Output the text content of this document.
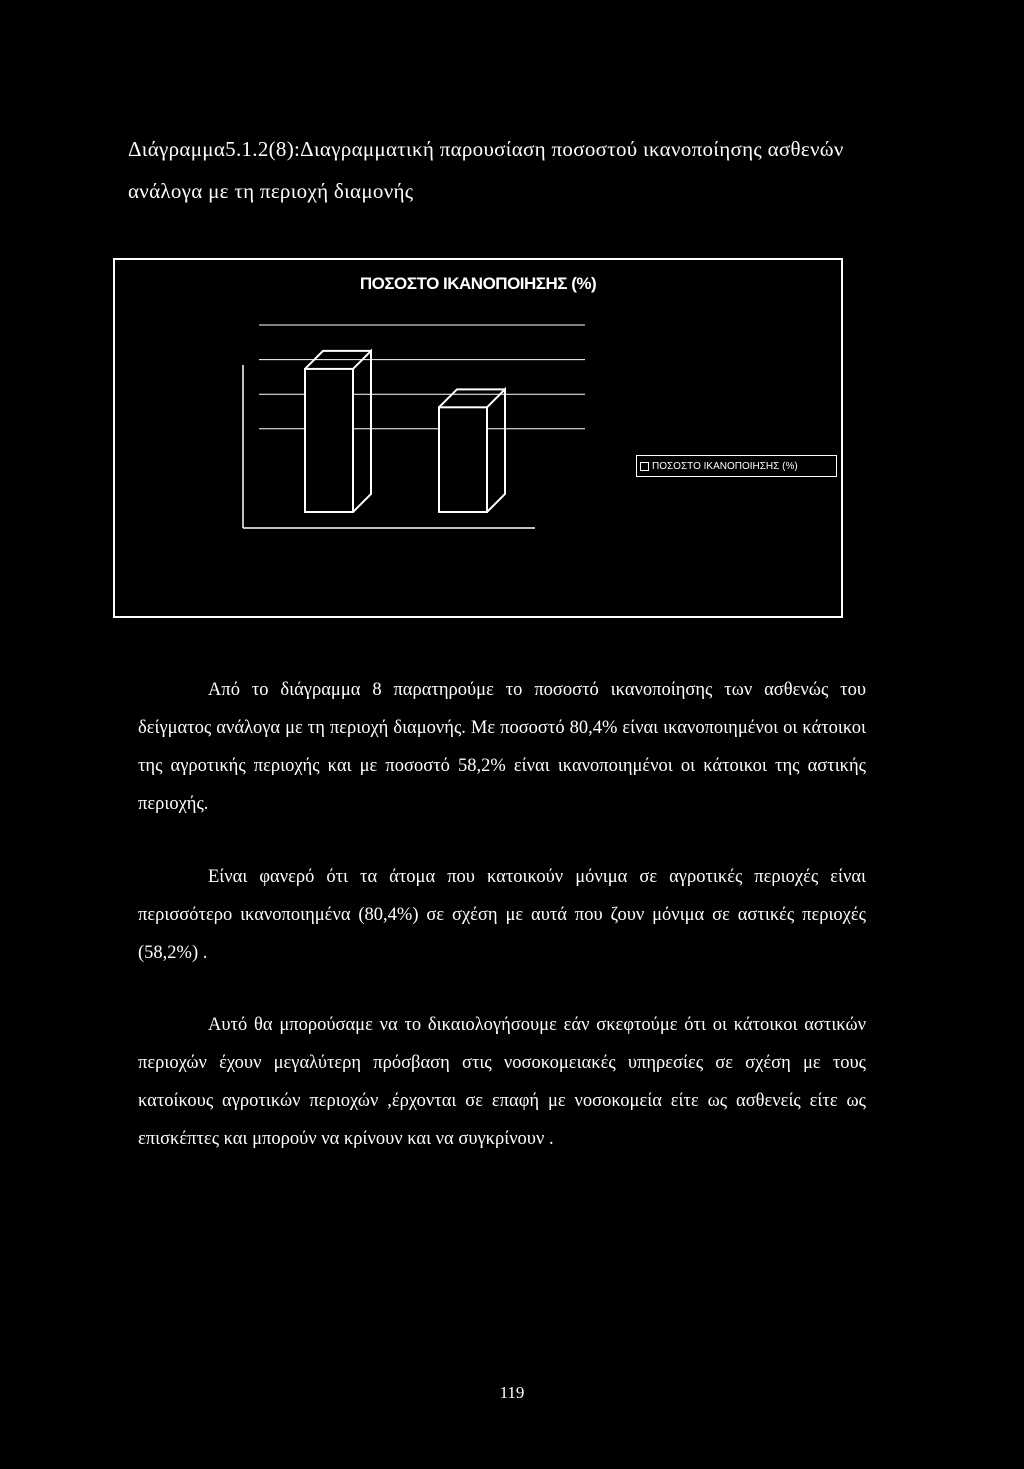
Διάγραμμα5.1.2(8):Διαγραμματική παρουσίαση ποσοστού ικανοποίησης ασθενών ανάλογα με τη περιοχή διαμονής

ΠΟΣΟΣΤΟ ΙΚΑΝΟΠΟΙΗΣΗΣ (%)

ΠΟΣΟΣΤΟ ΙΚΑΝΟΠΟΙΗΣΗΣ (%)

Από το διάγραμμα 8 παρατηρούμε το ποσοστό ικανοποίησης των ασθενώς του δείγματος ανάλογα με τη περιοχή διαμονής. Με ποσοστό 80,4% είναι ικανοποιημένοι οι κάτοικοι της αγροτικής περιοχής και με ποσοστό 58,2% είναι ικανοποιημένοι οι κάτοικοι της αστικής περιοχής.

Είναι φανερό ότι τα άτομα που κατοικούν μόνιμα σε αγροτικές περιοχές είναι περισσότερο ικανοποιημένα (80,4%) σε σχέση με αυτά που ζουν μόνιμα σε αστικές περιοχές (58,2%) .

Αυτό θα μπορούσαμε να το δικαιολογήσουμε εάν σκεφτούμε ότι οι κάτοικοι αστικών περιοχών έχουν μεγαλύτερη πρόσβαση στις νοσοκομειακές υπηρεσίες σε σχέση με τους κατοίκους αγροτικών περιοχών ,έρχονται σε επαφή με νοσοκομεία είτε ως ασθενείς είτε ως επισκέπτες και μπορούν να κρίνουν και να συγκρίνουν .

119
